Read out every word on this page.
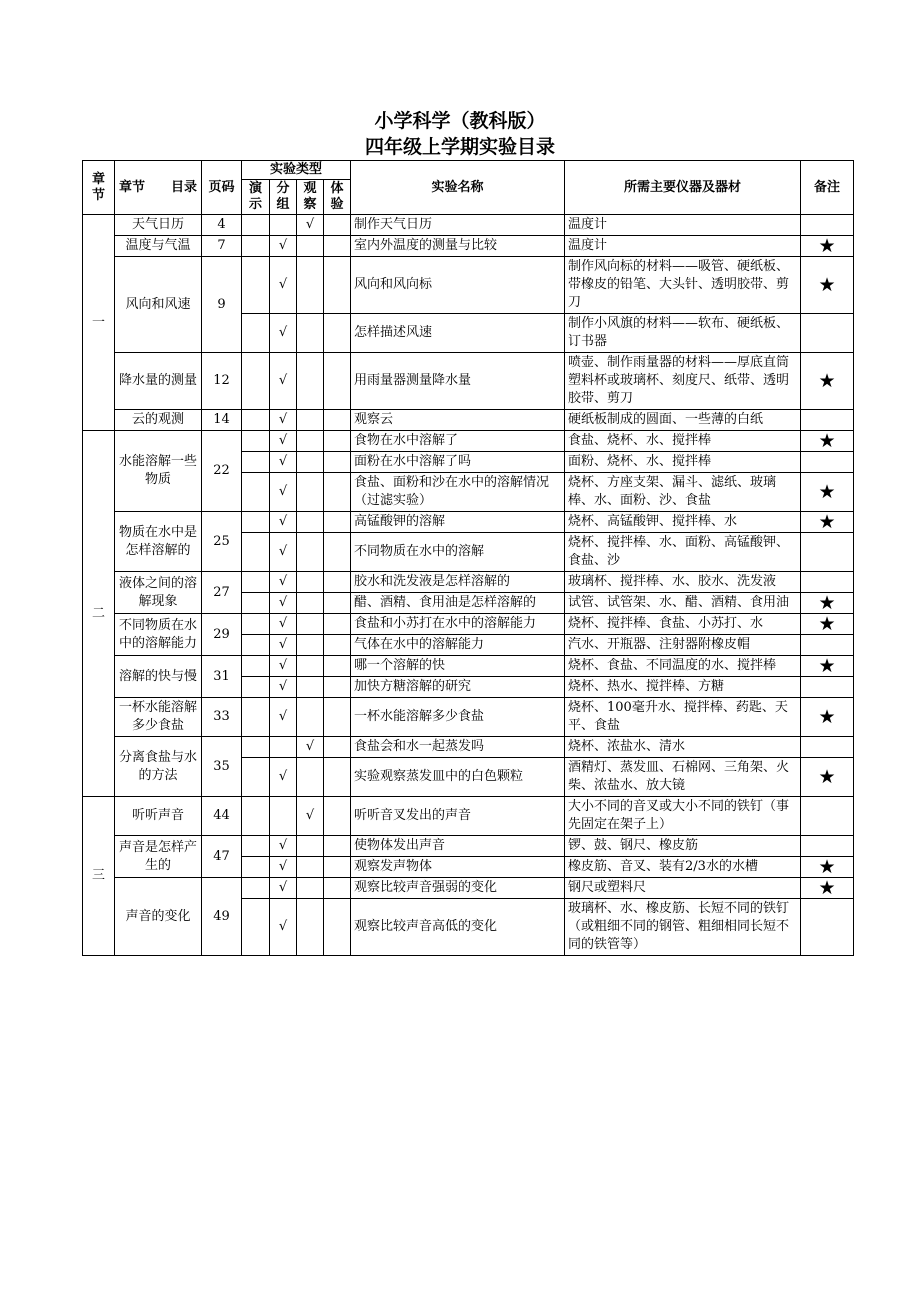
小学科学（教科版）
四年级上学期实验目录
章节	章节　　目录	页码	实验类型				实验名称	所需主要仪器及器材	备注
			演示	分组	观察	体验			
一	天气日历	4			√		制作天气日历	温度计	
	温度与气温	7		√			室内外温度的测量与比较	温度计	★
	风向和风速	9		√			风向和风向标	制作风向标的材料——吸管、硬纸板、带橡皮的铅笔、大头针、透明胶带、剪刀	★
				√			怎样描述风速	制作小风旗的材料——软布、硬纸板、订书器	
	降水量的测量	12		√			用雨量器测量降水量	喷壶、制作雨量器的材料——厚底直筒塑料杯或玻璃杯、刻度尺、纸带、透明胶带、剪刀	★
	云的观测	14		√			观察云	硬纸板制成的圆面、一些薄的白纸	
二	水能溶解一些物质	22		√			食物在水中溶解了	食盐、烧杯、水、搅拌棒	★
				√			面粉在水中溶解了吗	面粉、烧杯、水、搅拌棒	
				√			食盐、面粉和沙在水中的溶解情况（过滤实验）	烧杯、方座支架、漏斗、滤纸、玻璃棒、水、面粉、沙、食盐	★
	物质在水中是怎样溶解的	25		√			高锰酸钾的溶解	烧杯、高锰酸钾、搅拌棒、水	★
				√			不同物质在水中的溶解	烧杯、搅拌棒、水、面粉、高锰酸钾、食盐、沙	
	液体之间的溶解现象	27		√			胶水和洗发液是怎样溶解的	玻璃杯、搅拌棒、水、胶水、洗发液	
				√			醋、酒精、食用油是怎样溶解的	试管、试管架、水、醋、酒精、食用油	★
	不同物质在水中的溶解能力	29		√			食盐和小苏打在水中的溶解能力	烧杯、搅拌棒、食盐、小苏打、水	★
				√			气体在水中的溶解能力	汽水、开瓶器、注射器附橡皮帽	
	溶解的快与慢	31		√			哪一个溶解的快	烧杯、食盐、不同温度的水、搅拌棒	★
				√			加快方糖溶解的研究	烧杯、热水、搅拌棒、方糖	
	一杯水能溶解多少食盐	33		√			一杯水能溶解多少食盐	烧杯、100毫升水、搅拌棒、药匙、天平、食盐	★
	分离食盐与水的方法	35			√		食盐会和水一起蒸发吗	烧杯、浓盐水、清水	
				√			实验观察蒸发皿中的白色颗粒	酒精灯、蒸发皿、石棉网、三角架、火柴、浓盐水、放大镜	★
三	听听声音	44			√		听听音叉发出的声音	大小不同的音叉或大小不同的铁钉（事先固定在架子上）	
	声音是怎样产生的	47		√			使物体发出声音	锣、鼓、钢尺、橡皮筋	
				√			观察发声物体	橡皮筋、音叉、装有2/3水的水槽	★
	声音的变化	49		√			观察比较声音强弱的变化	钢尺或塑料尺	★
				√			观察比较声音高低的变化	玻璃杯、水、橡皮筋、长短不同的铁钉（或粗细不同的钢管、粗细相同长短不同的铁管等）	
